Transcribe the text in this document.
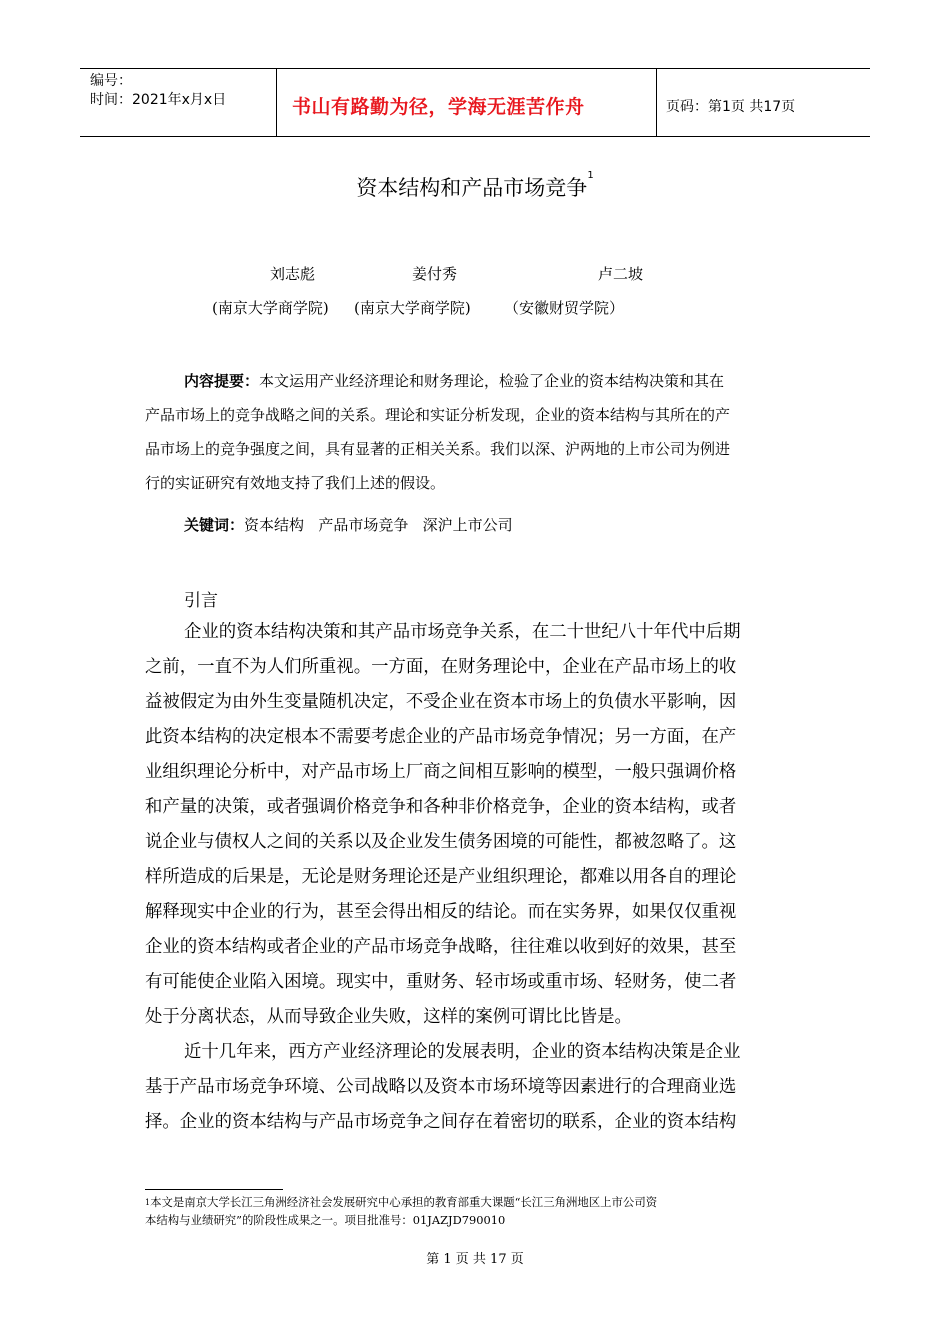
编号：
时间：2021年x月x日	书山有路勤为径，学海无涯苦作舟	页码：第1页 共17页
资本结构和产品市场竞争$^1$
刘志彪	姜付秀	卢二坡
(南京大学商学院) (南京大学商学院) （安徽财贸学院）
内容提要：本文运用产业经济理论和财务理论，检验了企业的资本结构决策和其在
产品市场上的竞争战略之间的关系。理论和实证分析发现，企业的资本结构与其所在的产
品市场上的竞争强度之间，具有显著的正相关关系。我们以深、沪两地的上市公司为例进
行的实证研究有效地支持了我们上述的假设。
关键词：资本结构   产品市场竞争   深沪上市公司
引言
企业的资本结构决策和其产品市场竞争关系，在二十世纪八十年代中后期
之前，一直不为人们所重视。一方面，在财务理论中，企业在产品市场上的收
益被假定为由外生变量随机决定，不受企业在资本市场上的负债水平影响，因
此资本结构的决定根本不需要考虑企业的产品市场竞争情况；另一方面，在产
业组织理论分析中，对产品市场上厂商之间相互影响的模型，一般只强调价格
和产量的决策，或者强调价格竞争和各种非价格竞争，企业的资本结构，或者
说企业与债权人之间的关系以及企业发生债务困境的可能性，都被忽略了。这
样所造成的后果是，无论是财务理论还是产业组织理论，都难以用各自的理论
解释现实中企业的行为，甚至会得出相反的结论。而在实务界，如果仅仅重视
企业的资本结构或者企业的产品市场竞争战略，往往难以收到好的效果，甚至
有可能使企业陷入困境。现实中，重财务、轻市场或重市场、轻财务，使二者
处于分离状态，从而导致企业失败，这样的案例可谓比比皆是。
近十几年来，西方产业经济理论的发展表明，企业的资本结构决策是企业
基于产品市场竞争环境、公司战略以及资本市场环境等因素进行的合理商业选
择。企业的资本结构与产品市场竞争之间存在着密切的联系，企业的资本结构
$^1$本文是南京大学长江三角洲经济社会发展研究中心承担的教育部重大课题“长江三角洲地区上市公司资
本结构与业绩研究”的阶段性成果之一。项目批准号：01JAZJD790010
第 1 页 共 17 页
